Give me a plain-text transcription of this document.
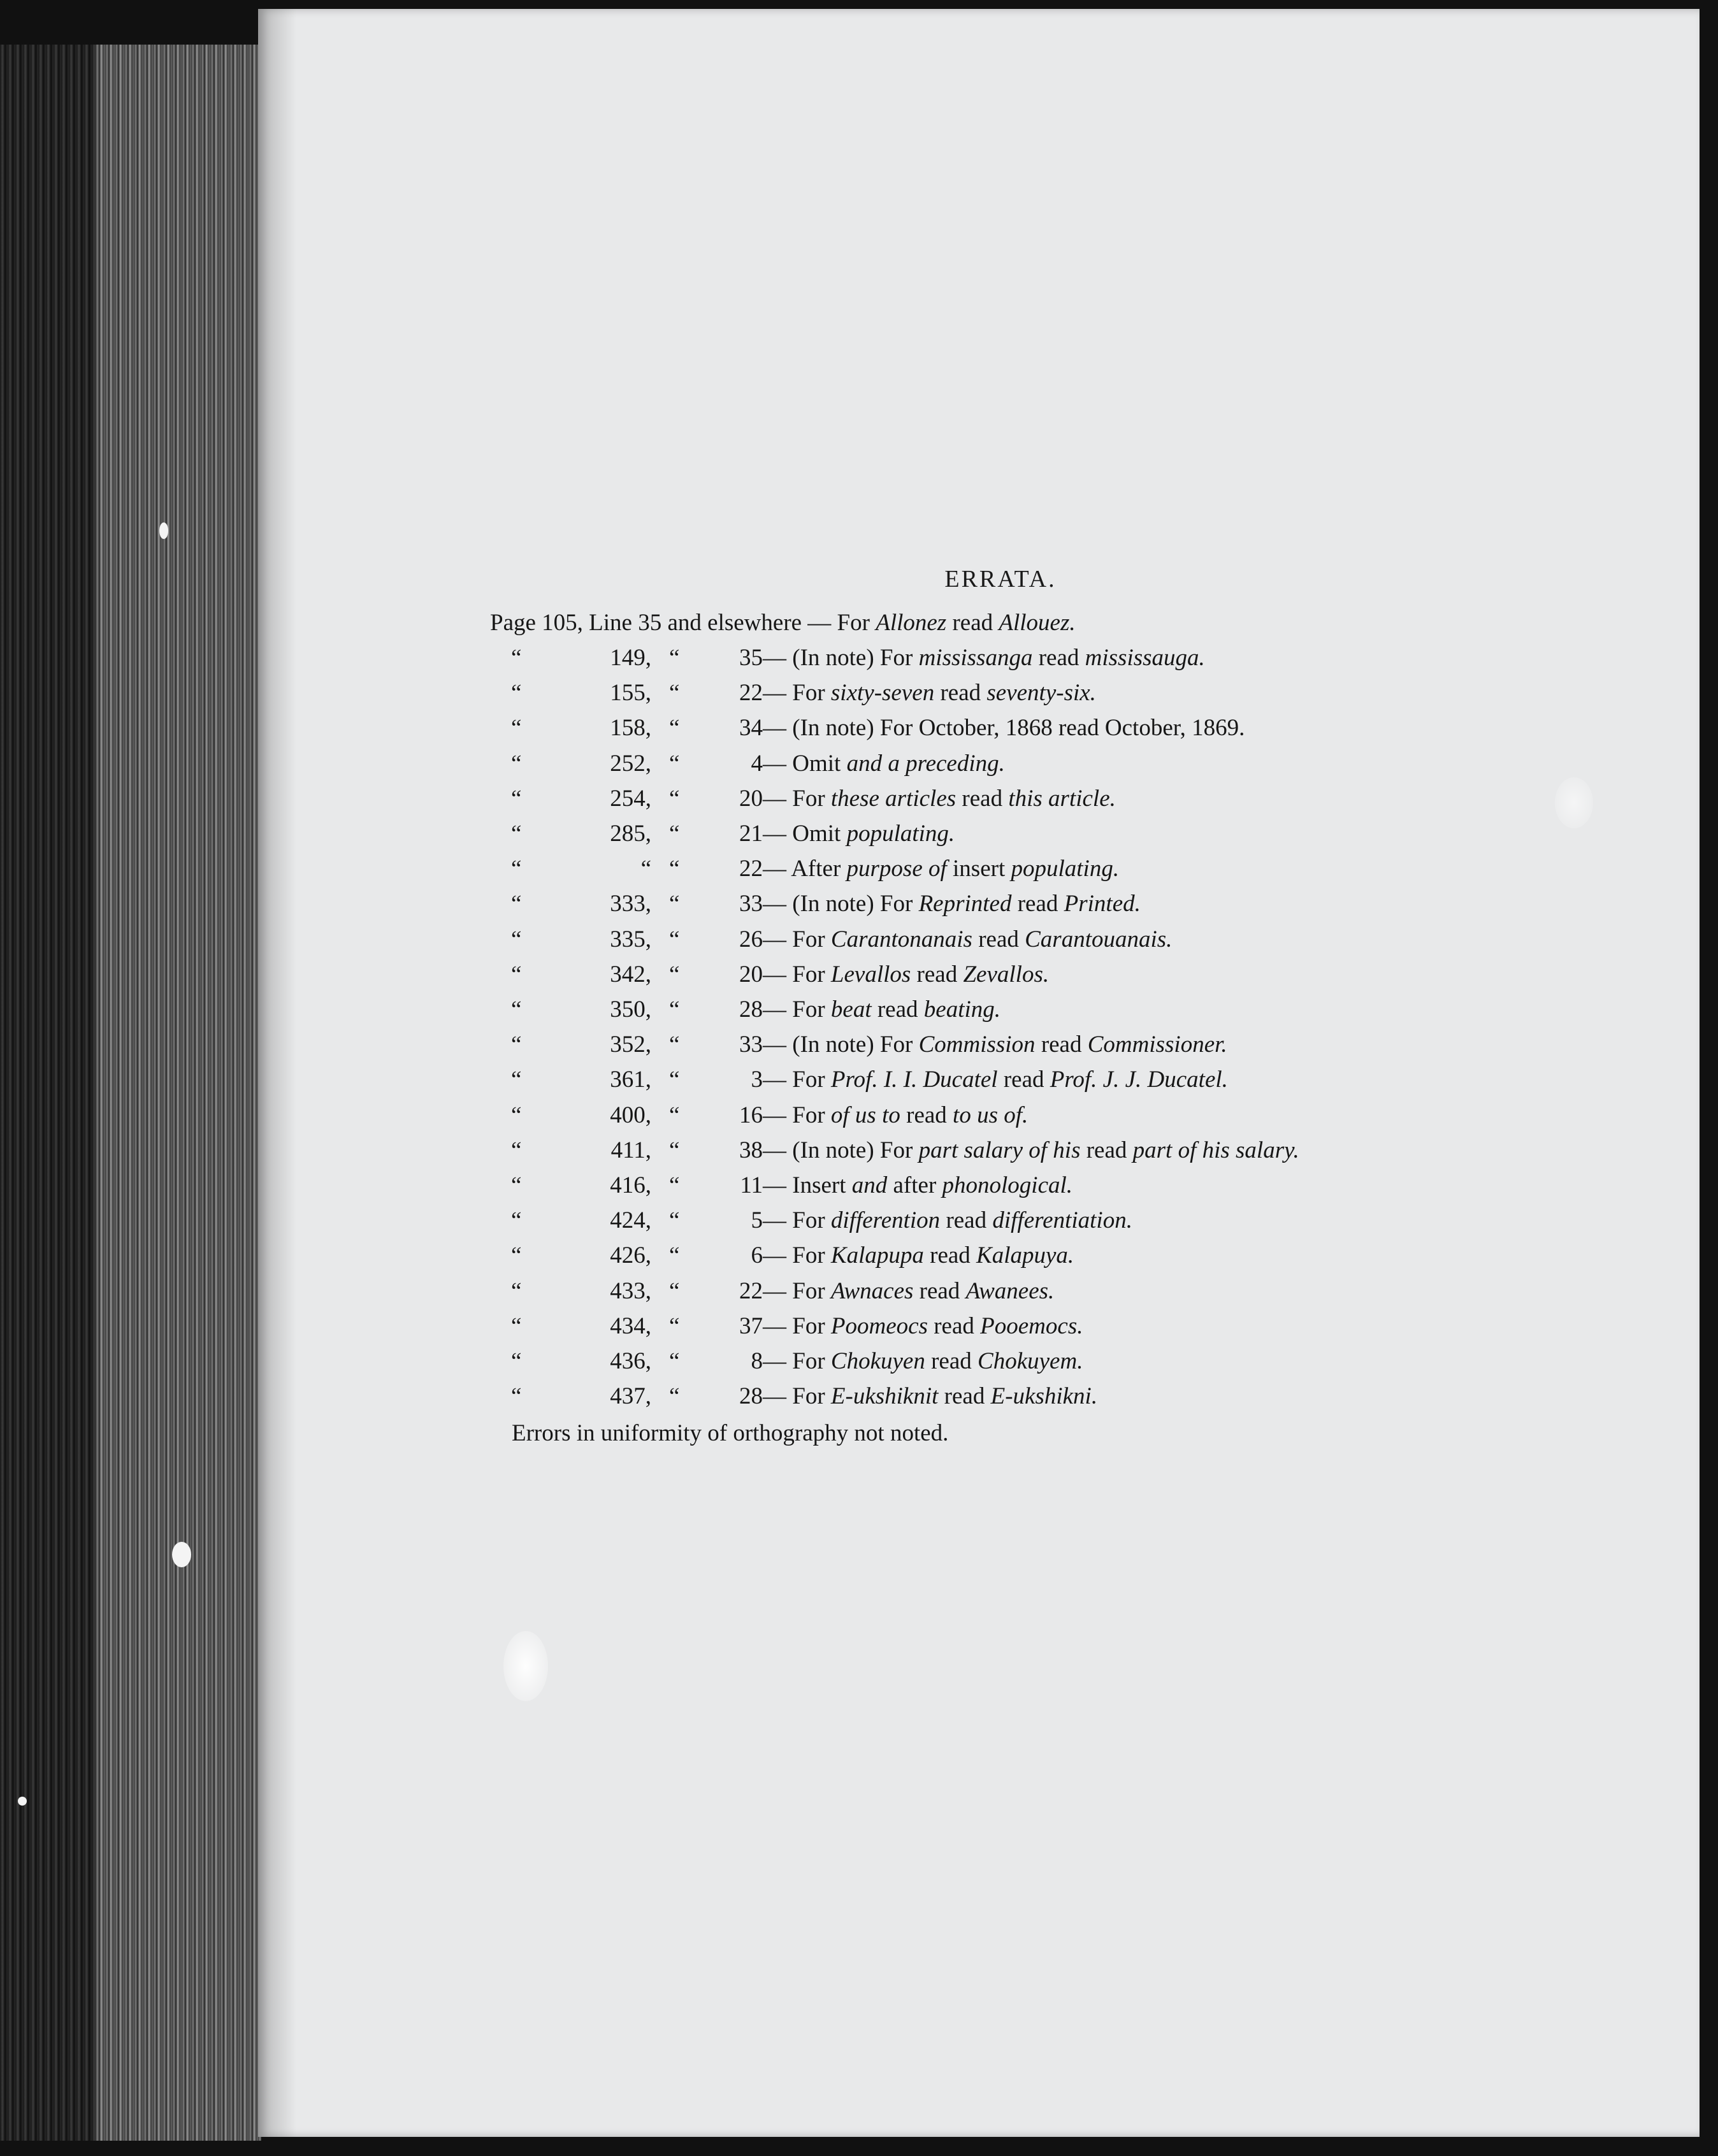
ERRATA.
Page 105, Line 35 and elsewhere — For Allonez read Allouez.
“	149, “	35 — (In note) For mississanga read mississauga.
“	155, “	22 — For sixty-seven read seventy-six.
“	158, “	34 — (In note) For October, 1868 read October, 1869.
“	252, “	4 — Omit and a preceding.
“	254, “	20 — For these articles read this article.
“	285, “	21 — Omit populating.
“	“ “	22 — After purpose of insert populating.
“	333, “	33 — (In note) For Reprinted read Printed.
“	335, “	26 — For Carantonanais read Carantouanais.
“	342, “	20 — For Levallos read Zevallos.
“	350, “	28 — For beat read beating.
“	352, “	33 — (In note) For Commission read Commissioner.
“	361, “	3 — For Prof. I. I. Ducatel read Prof. J. J. Ducatel.
“	400, “	16 — For of us to read to us of.
“	411, “	38 — (In note) For part salary of his read part of his salary.
“	416, “	11 — Insert and after phonological.
“	424, “	5 — For differention read differentiation.
“	426, “	6 — For Kalapupa read Kalapuya.
“	433, “	22 — For Awnaces read Awanees.
“	434, “	37 — For Poomeocs read Pooemocs.
“	436, “	8 — For Chokuyen read Chokuyem.
“	437, “	28 — For E-ukshiknit read E-ukshikni.
Errors in uniformity of orthography not noted.
